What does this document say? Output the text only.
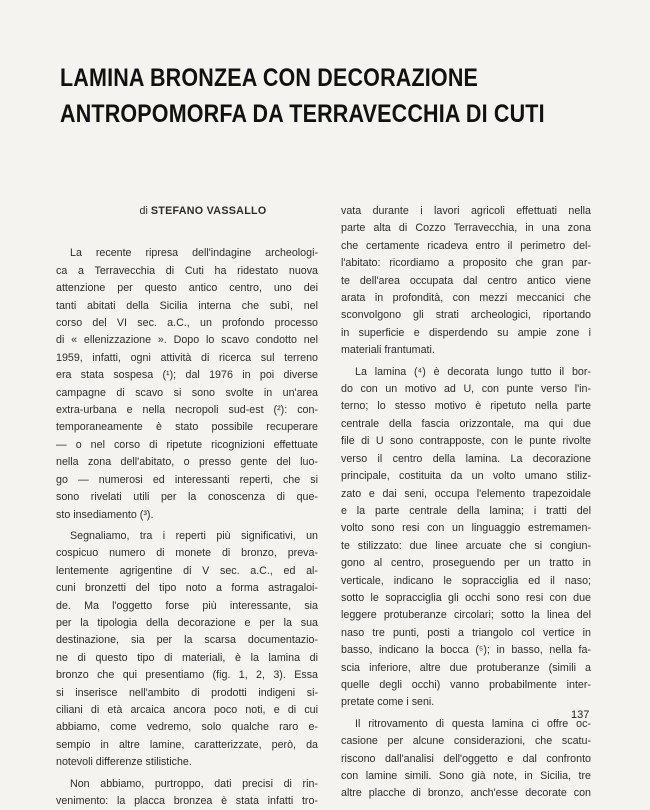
LAMINA BRONZEA CON DECORAZIONE
ANTROPOMORFA DA TERRAVECCHIA DI CUTI
di STEFANO VASSALLO
La recente ripresa dell'indagine archeologi-
ca a Terravecchia di Cuti ha ridestato nuova
attenzione per questo antico centro, uno dei
tanti abitati della Sicilia interna che subì, nel
corso del VI sec. a.C., un profondo processo
di « ellenizzazione ». Dopo lo scavo condotto nel
1959, infatti, ogni attività di ricerca sul terreno
era stata sospesa (¹); dal 1976 in poi diverse
campagne di scavo si sono svolte in un'area
extra-urbana e nella necropoli sud-est (²): con-
temporaneamente è stato possibile recuperare
— o nel corso di ripetute ricognizioni effettuate
nella zona dell'abitato, o presso gente del luo-
go — numerosi ed interessanti reperti, che si
sono rivelati utili per la conoscenza di que-
sto insediamento (³).
Segnaliamo, tra i reperti più significativi, un
cospicuo numero di monete di bronzo, preva-
lentemente agrigentine di V sec. a.C., ed al-
cuni bronzetti del tipo noto a forma astragaloi-
de. Ma l'oggetto forse più interessante, sia
per la tipologia della decorazione e per la sua
destinazione, sia per la scarsa documentazio-
ne di questo tipo di materiali, è la lamina di
bronzo che qui presentiamo (fig. 1, 2, 3). Essa
si inserisce nell'ambito di prodotti indigeni si-
ciliani di età arcaica ancora poco noti, e di cui
abbiamo, come vedremo, solo qualche raro e-
sempio in altre lamine, caratterizzate, però, da
notevoli differenze stilistiche.
Non abbiamo, purtroppo, dati precisi di rin-
venimento: la placca bronzea è stata infatti tro-
vata durante i lavori agricoli effettuati nella
parte alta di Cozzo Terravecchia, in una zona
che certamente ricadeva entro il perimetro del-
l'abitato: ricordiamo a proposito che gran par-
te dell'area occupata dal centro antico viene
arata in profondità, con mezzi meccanici che
sconvolgono gli strati archeologici, riportando
in superficie e disperdendo su ampie zone i
materiali frantumati.
La lamina (⁴) è decorata lungo tutto il bor-
do con un motivo ad U, con punte verso l'in-
terno; lo stesso motivo è ripetuto nella parte
centrale della fascia orizzontale, ma qui due
file di U sono contrapposte, con le punte rivolte
verso il centro della lamina. La decorazione
principale, costituita da un volto umano stiliz-
zato e dai seni, occupa l'elemento trapezoidale
e la parte centrale della lamina; i tratti del
volto sono resi con un linguaggio estremamen-
te stilizzato: due linee arcuate che si congiun-
gono al centro, proseguendo per un tratto in
verticale, indicano le sopracciglia ed il naso;
sotto le sopracciglia gli occhi sono resi con due
leggere protuberanze circolari; sotto la linea del
naso tre punti, posti a triangolo col vertice in
basso, indicano la bocca (⁵); in basso, nella fa-
scia inferiore, altre due protuberanze (simili a
quelle degli occhi) vanno probabilmente inter-
pretate come i seni.
Il ritrovamento di questa lamina ci offre oc-
casione per alcune considerazioni, che scatu-
riscono dall'analisi dell'oggetto e dal confronto
con lamine simili. Sono già note, in Sicilia, tre
altre placche di bronzo, anch'esse decorate con
137
